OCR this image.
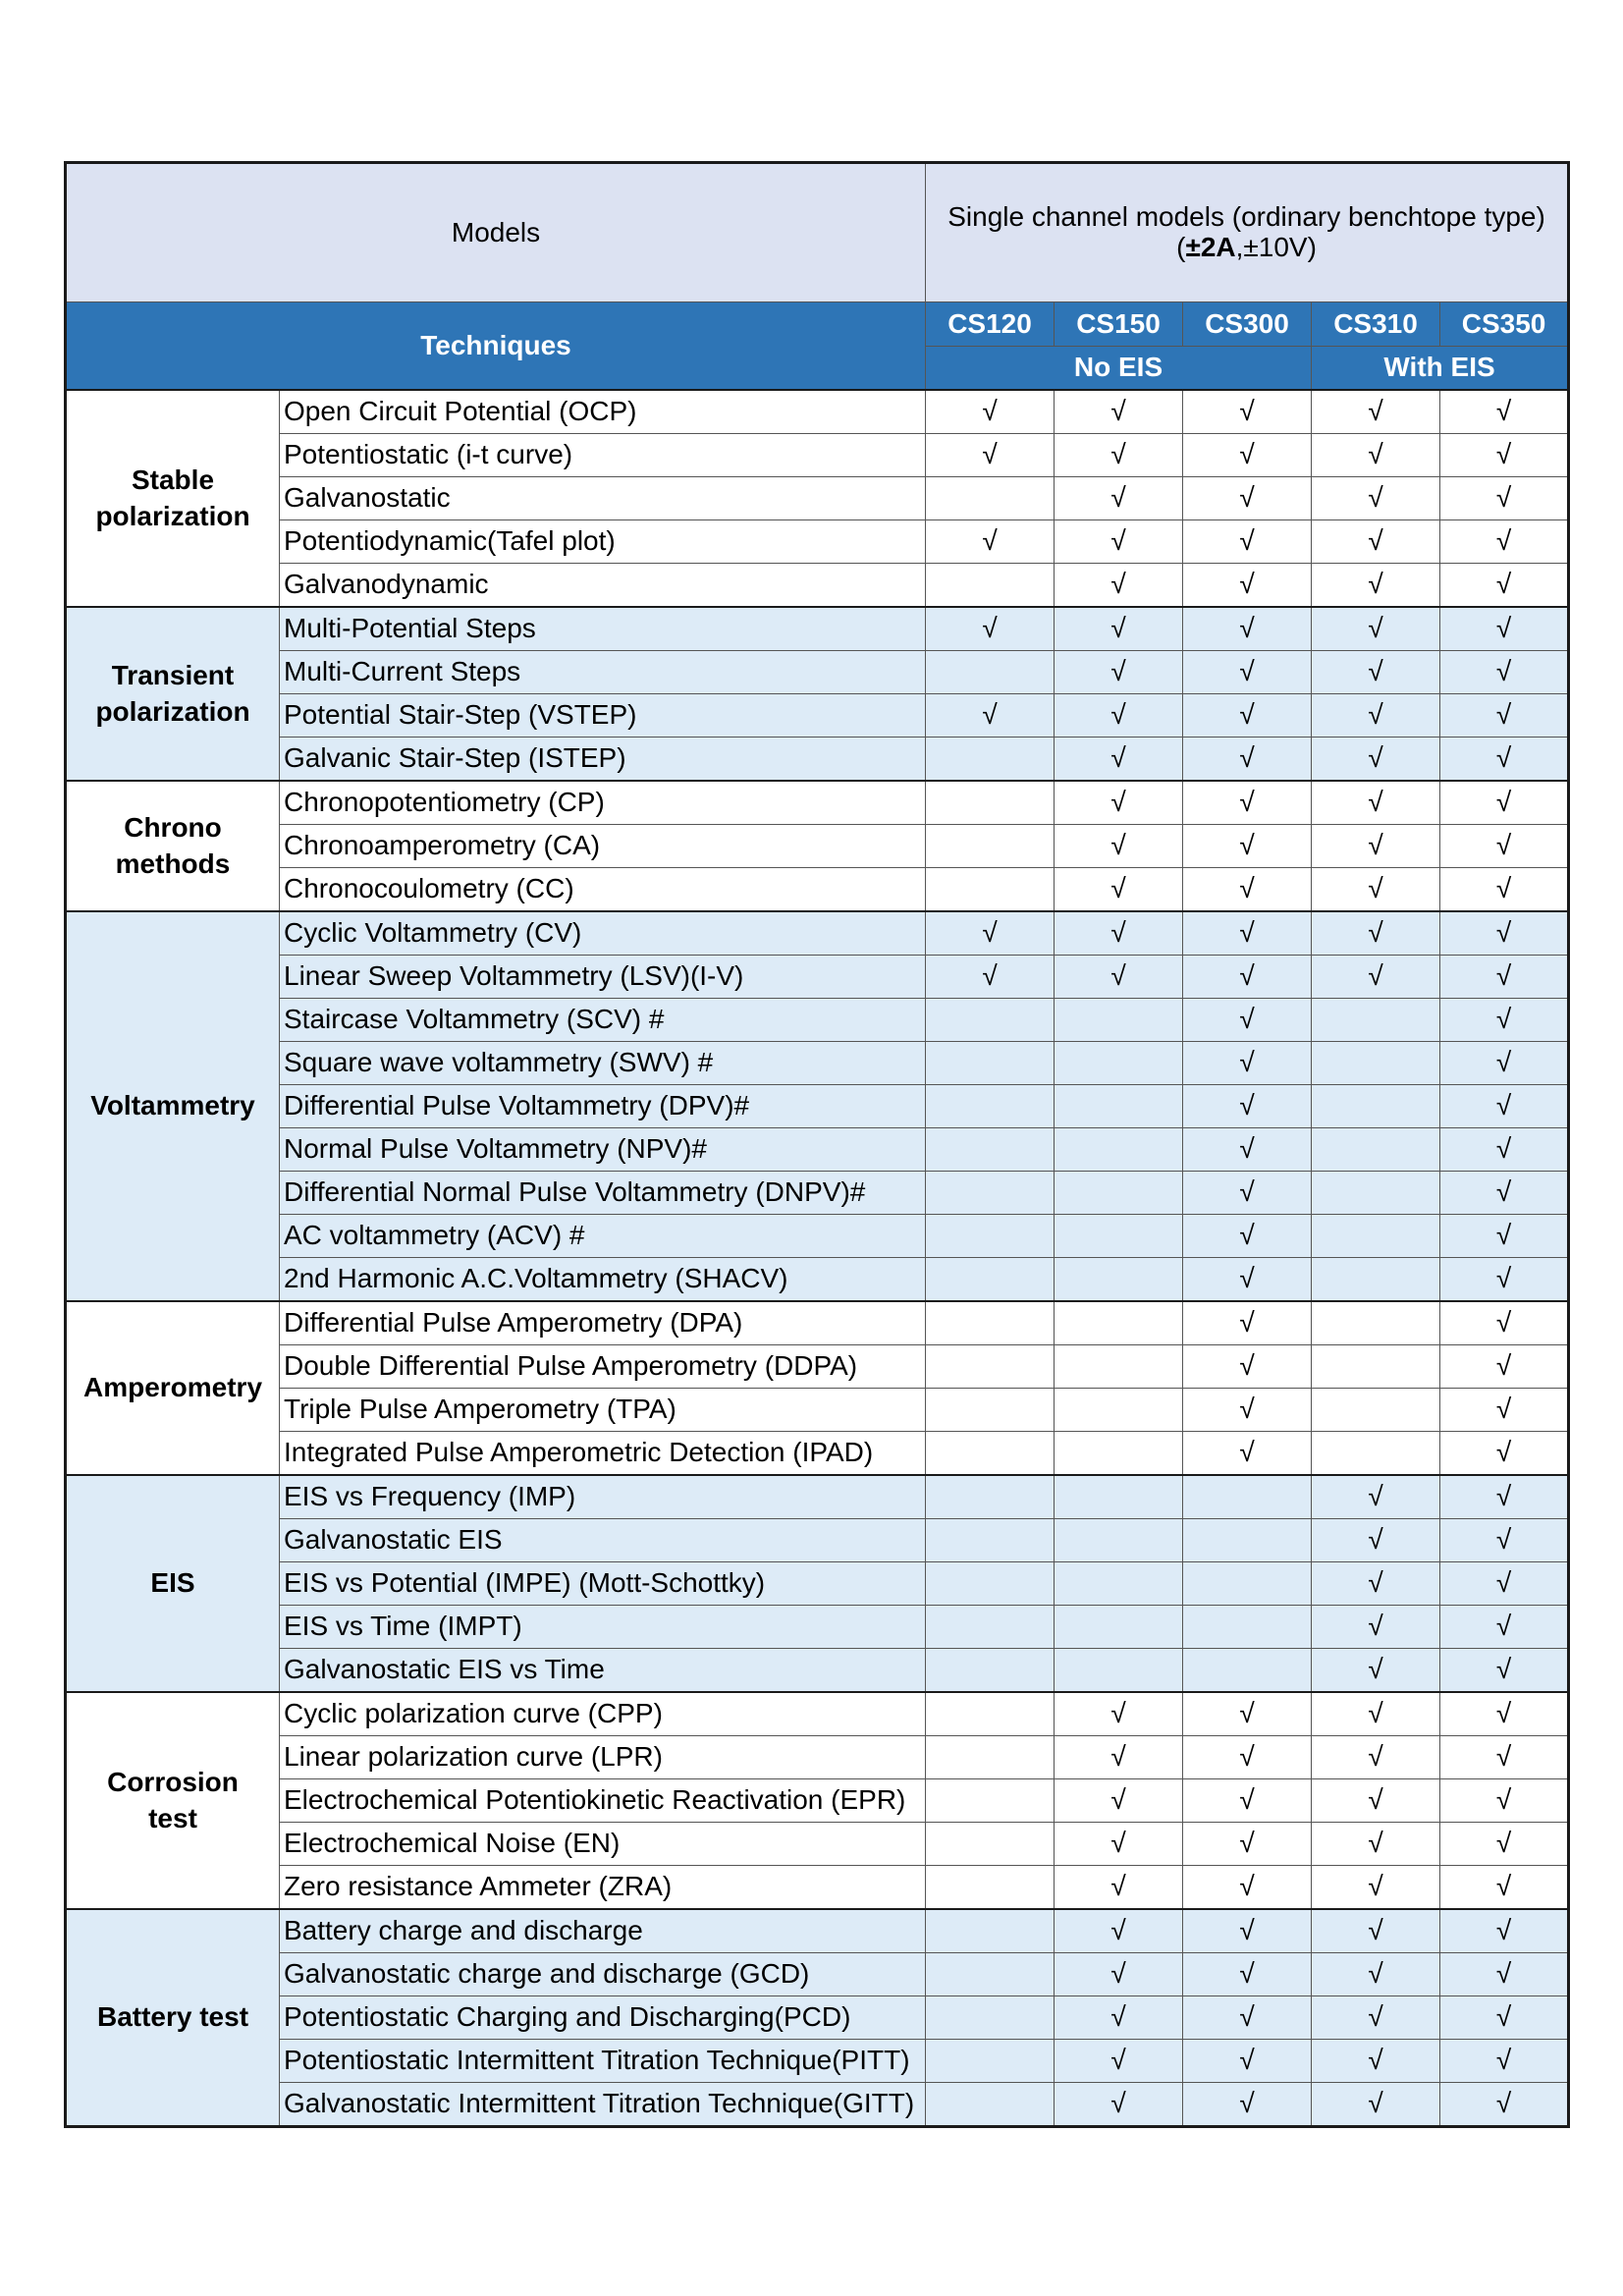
Models		Single channel models (ordinary benchtope type)
(±2A,±10V)				
Techniques		CS120	CS150	CS300	CS310	CS350
		No EIS			With EIS	
Stable
polarization	Open Circuit Potential (OCP)	√	√	√	√	√
	Potentiostatic (i-t curve)	√	√	√	√	√
	Galvanostatic		√	√	√	√
	Potentiodynamic(Tafel plot)	√	√	√	√	√
	Galvanodynamic		√	√	√	√
Transient
polarization	Multi-Potential Steps	√	√	√	√	√
	Multi-Current Steps		√	√	√	√
	Potential Stair-Step (VSTEP)	√	√	√	√	√
	Galvanic Stair-Step (ISTEP)		√	√	√	√
Chrono
methods	Chronopotentiometry (CP)		√	√	√	√
	Chronoamperometry (CA)		√	√	√	√
	Chronocoulometry (CC)		√	√	√	√
Voltammetry	Cyclic Voltammetry (CV)	√	√	√	√	√
	Linear Sweep Voltammetry (LSV)(I-V)	√	√	√	√	√
	Staircase Voltammetry (SCV) #			√		√
	Square wave voltammetry (SWV) #			√		√
	Differential Pulse Voltammetry (DPV)#			√		√
	Normal Pulse Voltammetry (NPV)#			√		√
	Differential Normal Pulse Voltammetry (DNPV)#			√		√
	AC voltammetry (ACV) #			√		√
	2nd Harmonic A.C.Voltammetry (SHACV)			√		√
Amperometry	Differential Pulse Amperometry (DPA)			√		√
	Double Differential Pulse Amperometry (DDPA)			√		√
	Triple Pulse Amperometry (TPA)			√		√
	Integrated Pulse Amperometric Detection (IPAD)			√		√
EIS	EIS vs Frequency (IMP)				√	√
	Galvanostatic EIS				√	√
	EIS vs Potential (IMPE) (Mott-Schottky)				√	√
	EIS vs Time (IMPT)				√	√
	Galvanostatic EIS vs Time				√	√
Corrosion
test	Cyclic polarization curve (CPP)		√	√	√	√
	Linear polarization curve (LPR)		√	√	√	√
	Electrochemical Potentiokinetic Reactivation (EPR)		√	√	√	√
	Electrochemical Noise (EN)		√	√	√	√
	Zero resistance Ammeter (ZRA)		√	√	√	√
Battery test	Battery charge and discharge		√	√	√	√
	Galvanostatic charge and discharge (GCD)		√	√	√	√
	Potentiostatic Charging and Discharging(PCD)		√	√	√	√
	Potentiostatic Intermittent Titration Technique(PITT)		√	√	√	√
	Galvanostatic Intermittent Titration Technique(GITT)		√	√	√	√
